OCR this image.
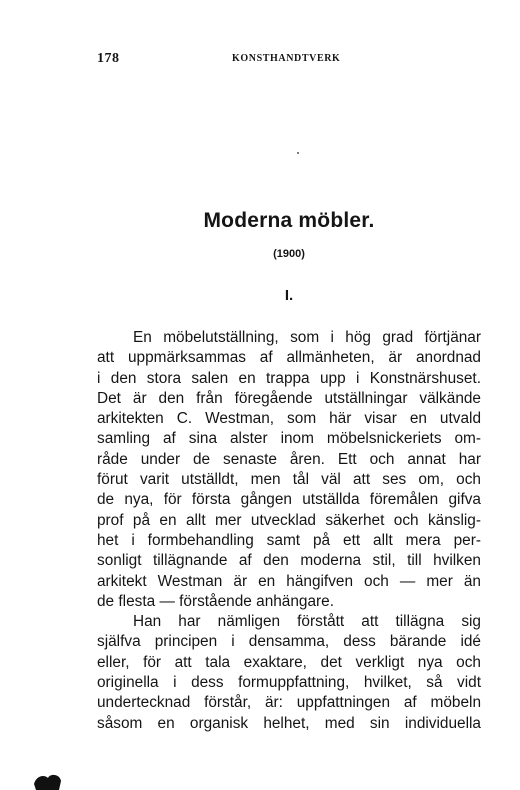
178	KONSTHANDTVERK
Moderna möbler.
(1900)
I.
En möbelutställning, som i hög grad förtjänar
att uppmärksammas af allmänheten, är anordnad
i den stora salen en trappa upp i Konstnärshuset.
Det är den från föregående utställningar välkände
arkitekten C. Westman, som här visar en utvald
samling af sina alster inom möbelsnickeriets om-
råde under de senaste åren. Ett och annat har
förut varit utställdt, men tål väl att ses om, och
de nya, för första gången utställda föremålen gifva
prof på en allt mer utvecklad säkerhet och känslig-
het i formbehandling samt på ett allt mera per-
sonligt tillägnande af den moderna stil, till hvilken
arkitekt Westman är en hängifven och — mer än
de flesta — förstående anhängare.
Han har nämligen förstått att tillägna sig
själfva principen i densamma, dess bärande idé
eller, för att tala exaktare, det verkligt nya och
originella i dess formuppfattning, hvilket, så vidt
undertecknad förstår, är: uppfattningen af möbeln
såsom en organisk helhet, med sin individuella
